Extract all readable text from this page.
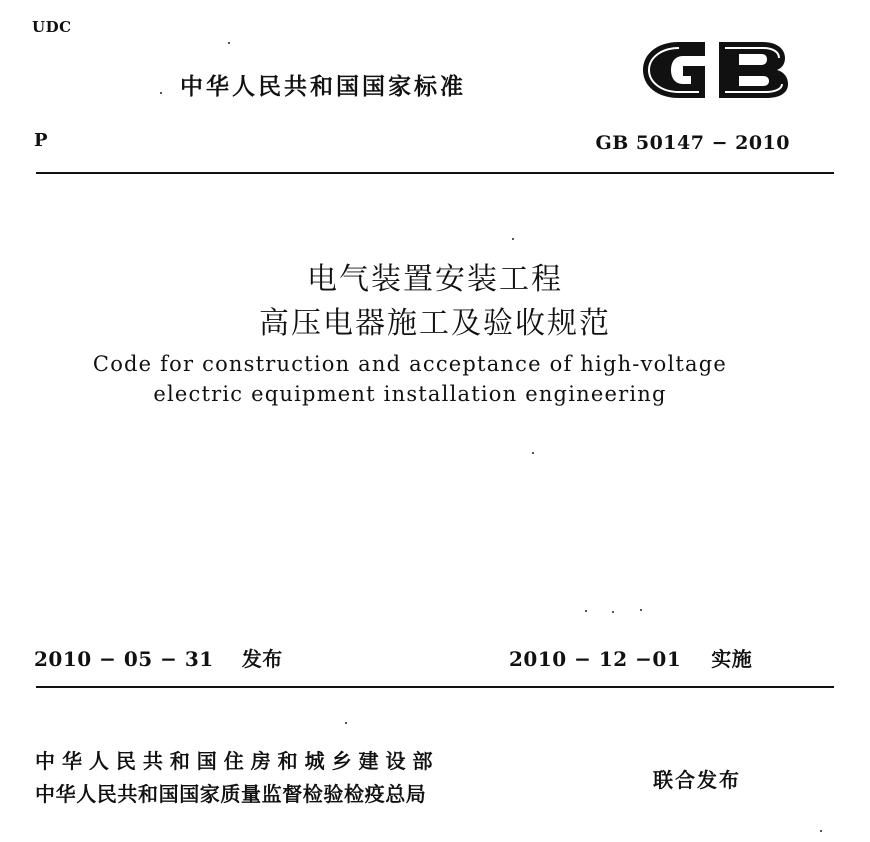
UDC
中华人民共和国国家标准
P	GB 50147 − 2010
电气装置安装工程
高压电器施工及验收规范
Code for construction and acceptance of high-voltage
electric equipment installation engineering
2010 − 05 − 31 发布	2010 − 12 −01 实施
中 华 人 民 共 和 国 住 房 和 城 乡 建 设 部
中华人民共和国国家质量监督检验检疫总局
联合发布
